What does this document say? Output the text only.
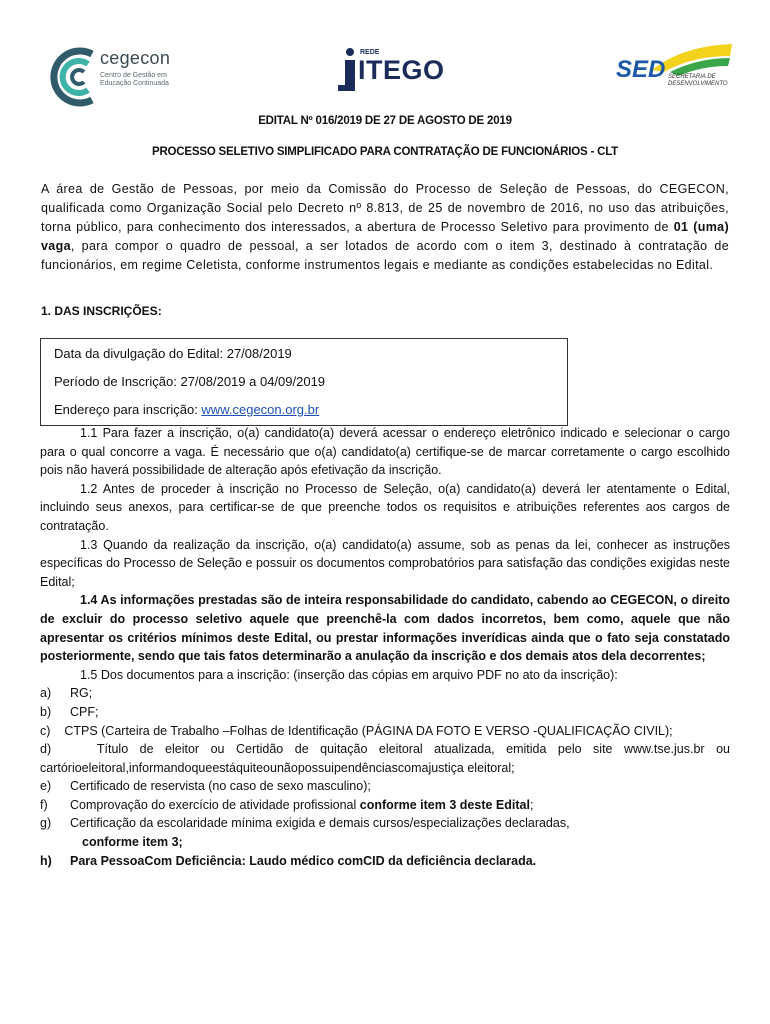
cegecon
Centro de Gestão em Educação Continuada
REDE
ITEGO	SED SECRETARIA DE DESENVOLVIMENTO
EDITAL Nº 016/2019 DE 27 DE AGOSTO DE 2019
PROCESSO SELETIVO SIMPLIFICADO PARA CONTRATAÇÃO DE FUNCIONÁRIOS - CLT
A área de Gestão de Pessoas, por meio da Comissão do Processo de Seleção de Pessoas, do CEGECON, qualificada como Organização Social pelo Decreto nº 8.813, de 25 de novembro de 2016, no uso das atribuições, torna público, para conhecimento dos interessados, a abertura de Processo Seletivo para provimento de 01 (uma) vaga, para compor o quadro de pessoal, a ser lotados de acordo com o item 3, destinado à contratação de funcionários, em regime Celetista, conforme instrumentos legais e mediante as condições estabelecidas no Edital.
1. DAS INSCRIÇÕES:
Data da divulgação do Edital: 27/08/2019
Período de Inscrição: 27/08/2019 a 04/09/2019
Endereço para inscrição: www.cegecon.org.br

1.1 Para fazer a inscrição, o(a) candidato(a) deverá acessar o endereço eletrônico indicado e selecionar o cargo para o qual concorre a vaga. É necessário que o(a) candidato(a) certifique-se de marcar corretamente o cargo escolhido pois não haverá possibilidade de alteração após efetivação da inscrição.

1.2 Antes de proceder à inscrição no Processo de Seleção, o(a) candidato(a) deverá ler atentamente o Edital, incluindo seus anexos, para certificar-se de que preenche todos os requisitos e atribuições referentes aos cargos de contratação.

1.3 Quando da realização da inscrição, o(a) candidato(a) assume, sob as penas da lei, conhecer as instruções específicas do Processo de Seleção e possuir os documentos comprobatórios para satisfação das condições exigidas neste Edital;

1.4 As informações prestadas são de inteira responsabilidade do candidato, cabendo ao CEGECON, o direito de excluir do processo seletivo aquele que preenchê-la com dados incorretos, bem como, aquele que não apresentar os critérios mínimos deste Edital, ou prestar informações inverídicas ainda que o fato seja constatado posteriormente, sendo que tais fatos determinarão a anulação da inscrição e dos demais atos dela decorrentes;

1.5 Dos documentos para a inscrição: (inserção das cópias em arquivo PDF no ato da inscrição):

a)	RG;
b)	CPF;

c) CTPS (Carteira de Trabalho –Folhas de Identificação (PÁGINA DA FOTO E VERSO -QUALIFICAÇÃO CIVIL);

d)	Título de eleitor ou Certidão de quitação eleitoral atualizada, emitida pelo site www.tse.jus.br ou cartórioeleitoral,informandoqueestáquiteounãopossuipendênciascomajustiça eleitoral;

e)	Certificado de reservista (no caso de sexo masculino);
f)	Comprovação do exercício de atividade profissional conforme item 3 deste Edital;
g)	Certificação da escolaridade mínima exigida e demais cursos/especializações declaradas,

conforme item 3;

h)	Para PessoaCom Deficiência: Laudo médico comCID da deficiência declarada.
